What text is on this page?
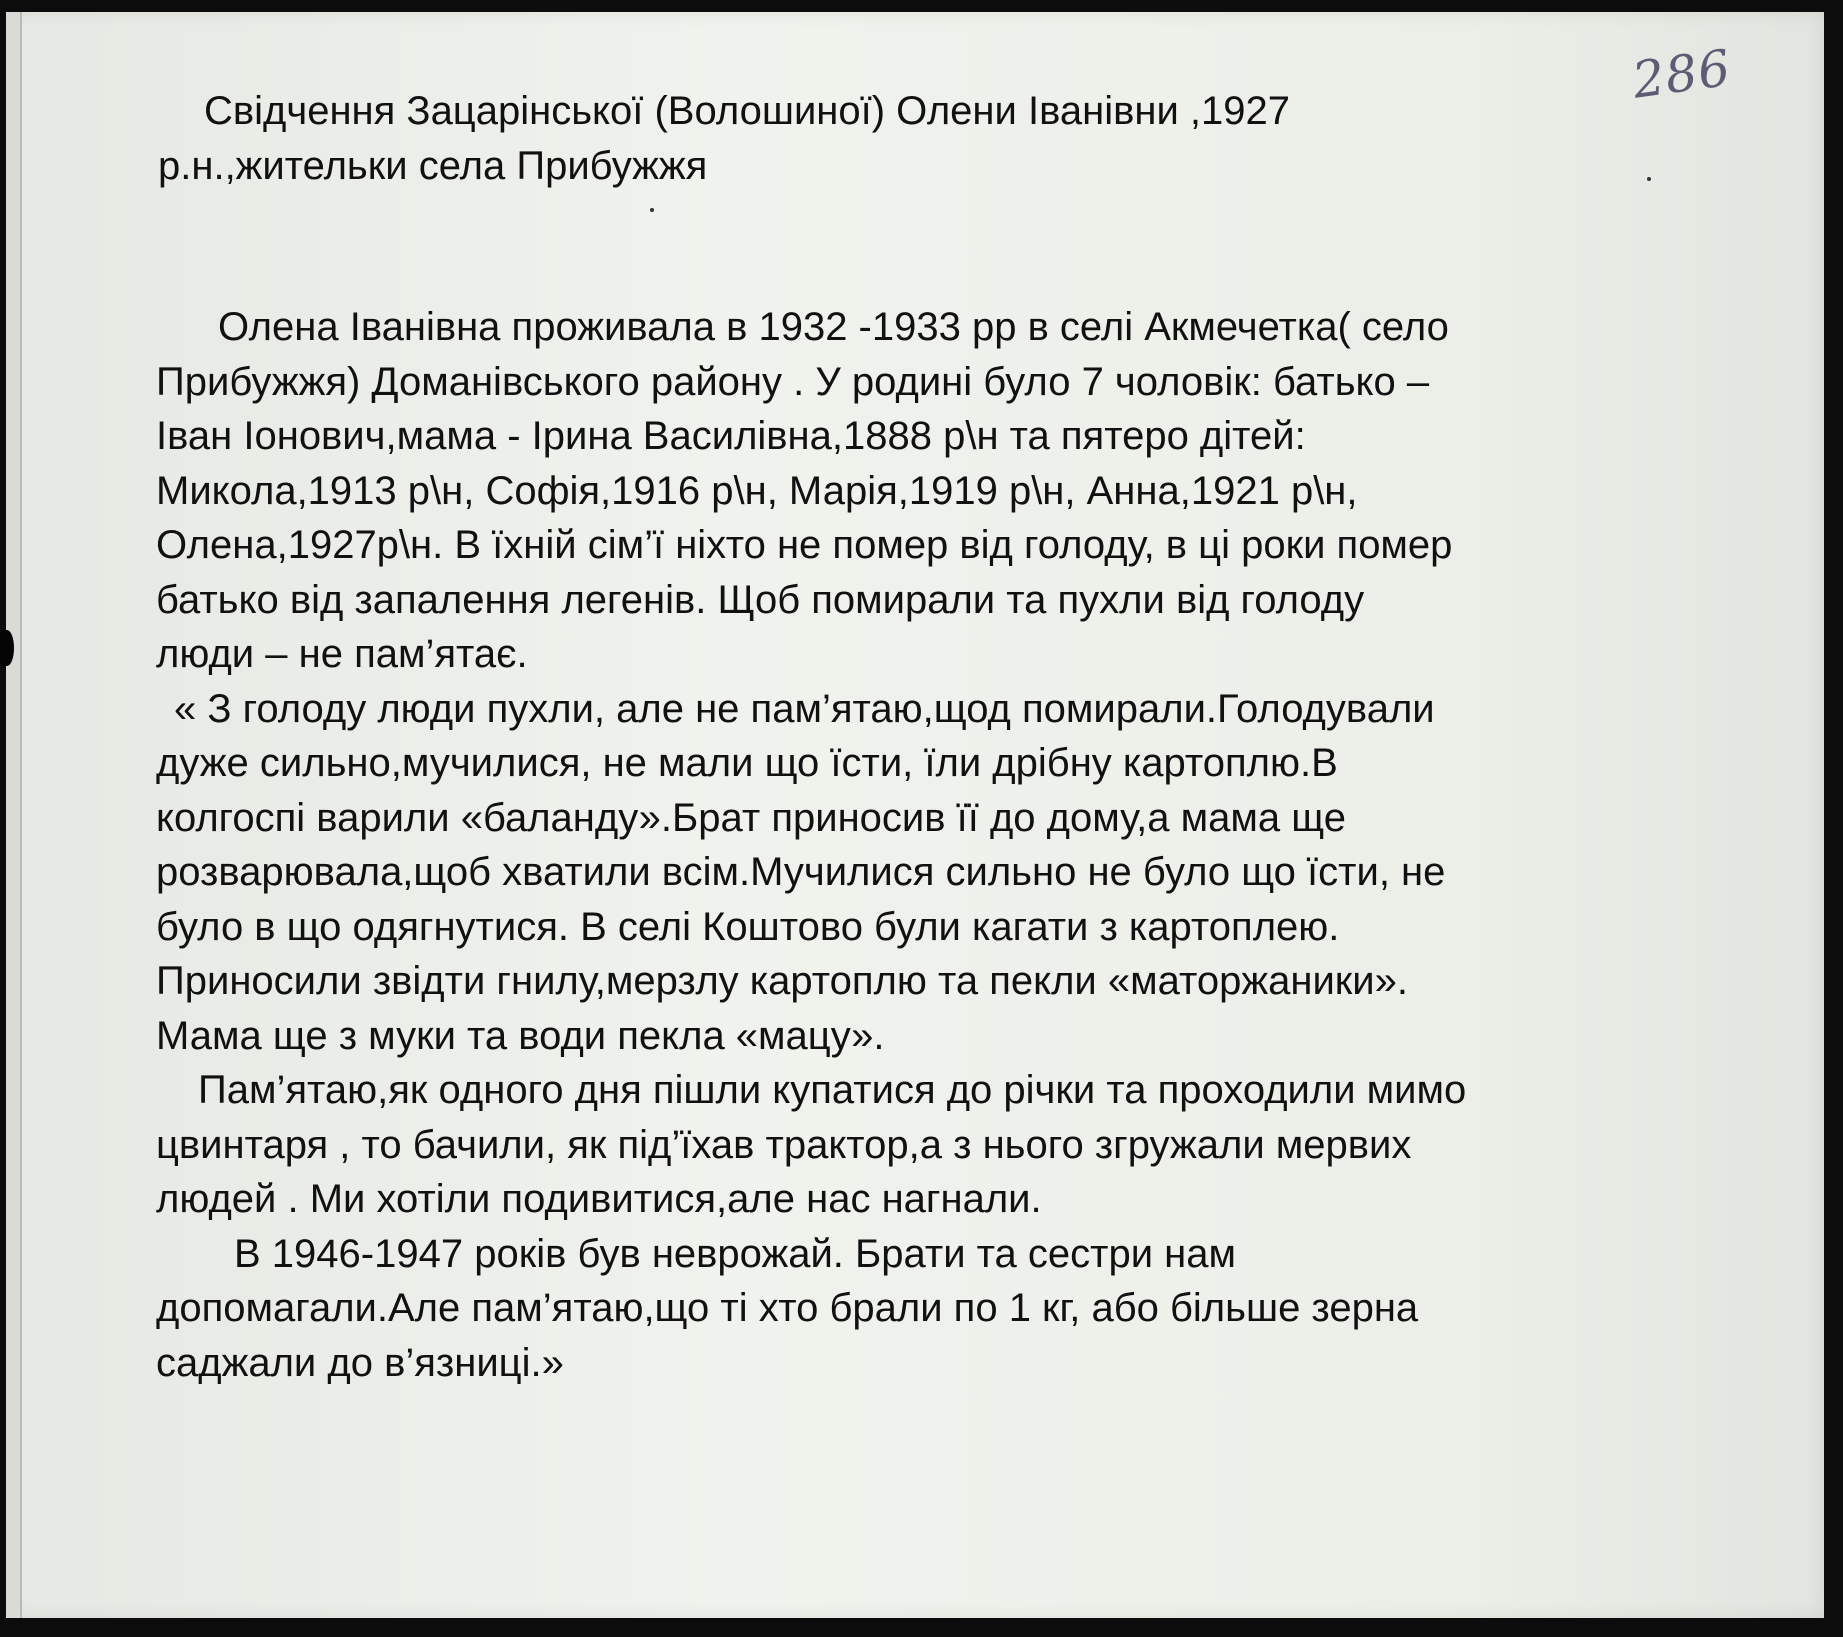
286
Свідчення Зацарінської (Волошиної) Олени Іванівни ,1927
р.н.,жительки села Прибужжя
Олена Іванівна проживала в 1932 -1933 рр в селі Акмечетка( село
Прибужжя) Доманівського району . У родині було 7 чоловік: батько –
Іван Іонович,мама - Ірина Василівна,1888 р\н та пятеро дітей:
Микола,1913 р\н, Софія,1916 р\н, Марія,1919 р\н, Анна,1921 р\н,
Олена,1927р\н. В їхній сім’ї ніхто не помер від голоду, в ці роки помер
батько від запалення легенів. Щоб помирали та пухли від голоду
люди – не пам’ятає.
« З голоду люди пухли, але не пам’ятаю,щод помирали.Голодували
дуже сильно,мучилися, не мали що їсти, їли дрібну картоплю.В
колгоспі варили «баланду».Брат приносив її до дому,а мама ще
розварювала,щоб хватили всім.Мучилися сильно не було що їсти, не
було в що одягнутися. В селі Коштово були кагати з картоплею.
Приносили звідти гнилу,мерзлу картоплю та пекли «маторжаники».
Мама ще з муки та води пекла «мацу».
Пам’ятаю,як одного дня пішли купатися до річки та проходили мимо
цвинтаря , то бачили, як під’їхав трактор,а з нього згружали мервих
людей . Ми хотіли подивитися,але нас нагнали.
В 1946-1947 років був неврожай. Брати та сестри нам
допомагали.Але пам’ятаю,що ті хто брали по 1 кг, або більше зерна
саджали до в’язниці.»
